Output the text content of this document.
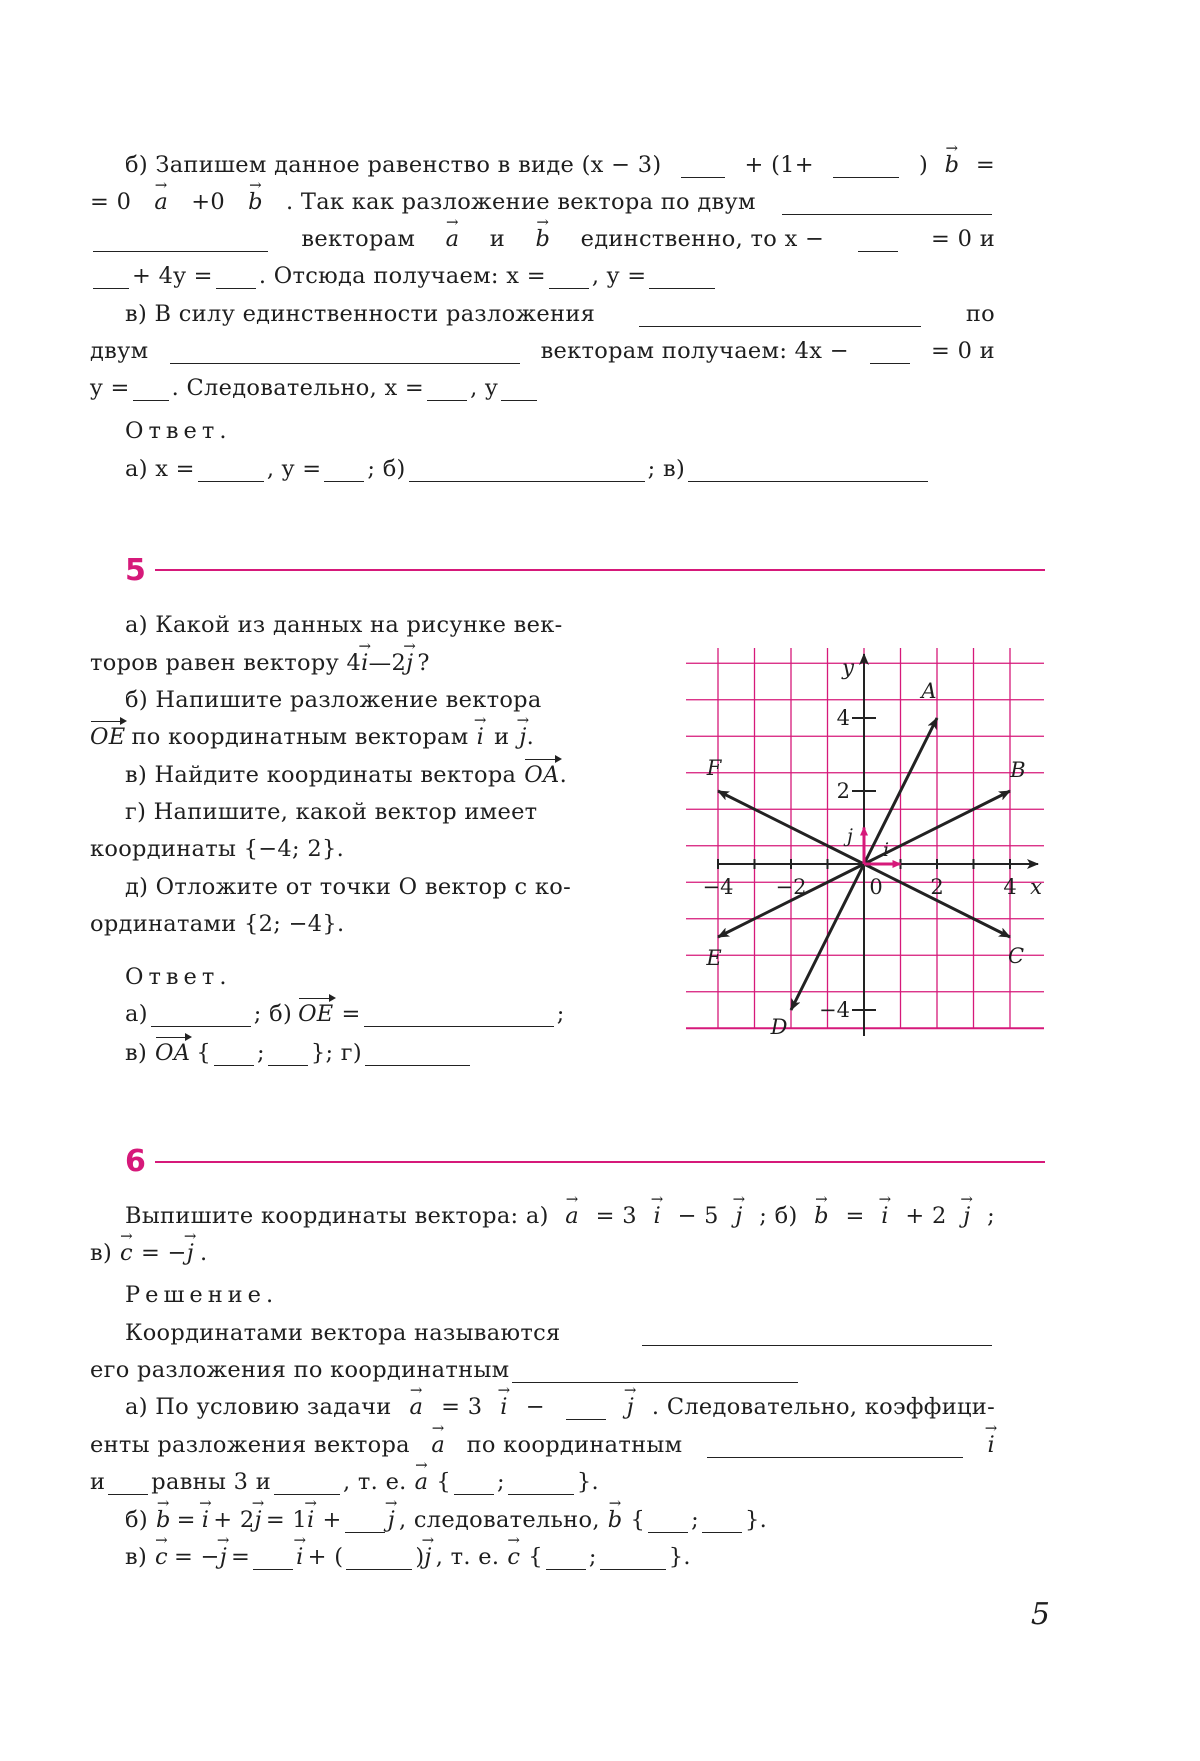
б) Запишем данное равенство в виде (x − 3)	+ (1+	) → b =
= 0 → a +0 → b . Так как разложение вектора по двум
векторам → a и → b единственно, то x −	= 0 и
+ 4y = . Отсюда получаем: x = , y =
в) В силу единственности разложения	по
двум	векторам получаем: 4x −	= 0 и
y = . Следовательно, x = , y
Ответ.
а) x =	, y = ; б)	; в)
5
а) Какой из данных на рисунке век-
торов равен вектору 4 → i —2 → j ?
б) Напишите разложение вектора
OE по координатным векторам → i и → j .
в) Найдите координаты вектора OA .
г) Напишите, какой вектор имеет
координаты {−4; 2}.
д) Отложите от точки O вектор с ко-
ординатами {2; −4}.
Ответ.
а)	; б) OE =	;
в) OA { ; }; г)
A
B
C
D
E
F
−4 −2	0 2	4
4
2
−4
x
y
i
j
6
Выпишите координаты вектора: а) → a = 3 → i − 5 → j ; б) → b = → i + 2 → j ;
в) → c = − → j .
Решение.
Координатами вектора называются
его разложения по координатным
а) По условию задачи → a = 3 → i −	→ j . Следовательно, коэффици-
енты разложения вектора → a по координатным	→ i
и равны 3 и	, т. е. → a { ;	}.
б) → b = → i + 2 → j = 1 → i + → j , следовательно, → b { ; }.
в) → c = − → j = → i + (	) → j , т. е. → c { ;	}.
5
